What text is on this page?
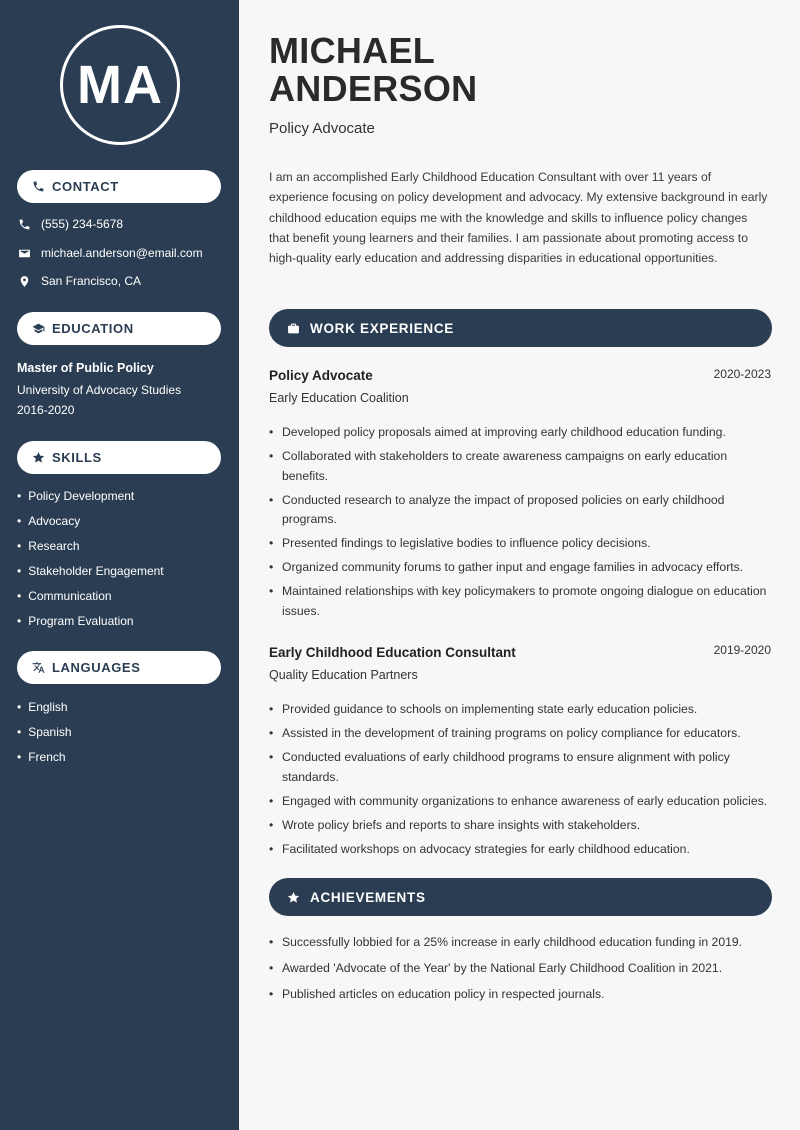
MA
CONTACT
(555) 234-5678
michael.anderson@email.com
San Francisco, CA
EDUCATION
Master of Public Policy
University of Advocacy Studies
2016-2020
SKILLS
• Policy Development
• Advocacy
• Research
• Stakeholder Engagement
• Communication
• Program Evaluation
LANGUAGES
• English
• Spanish
• French
MICHAEL
ANDERSON
Policy Advocate

I am an accomplished Early Childhood Education Consultant with over 11 years of experience focusing on policy development and advocacy. My extensive background in early childhood education equips me with the knowledge and skills to influence policy changes that benefit young learners and their families. I am passionate about promoting access to high-quality early education and addressing disparities in educational opportunities.

WORK EXPERIENCE
Policy Advocate	2020-2023
Early Education Coalition
• Developed policy proposals aimed at improving early childhood education funding.
• Collaborated with stakeholders to create awareness campaigns on early education benefits.
• Conducted research to analyze the impact of proposed policies on early childhood programs.
• Presented findings to legislative bodies to influence policy decisions.
• Organized community forums to gather input and engage families in advocacy efforts.
• Maintained relationships with key policymakers to promote ongoing dialogue on education issues.
Early Childhood Education Consultant	2019-2020
Quality Education Partners
• Provided guidance to schools on implementing state early education policies.
• Assisted in the development of training programs on policy compliance for educators.
• Conducted evaluations of early childhood programs to ensure alignment with policy standards.
• Engaged with community organizations to enhance awareness of early education policies.
• Wrote policy briefs and reports to share insights with stakeholders.
• Facilitated workshops on advocacy strategies for early childhood education.
ACHIEVEMENTS
• Successfully lobbied for a 25% increase in early childhood education funding in 2019.
• Awarded 'Advocate of the Year' by the National Early Childhood Coalition in 2021.
• Published articles on education policy in respected journals.
